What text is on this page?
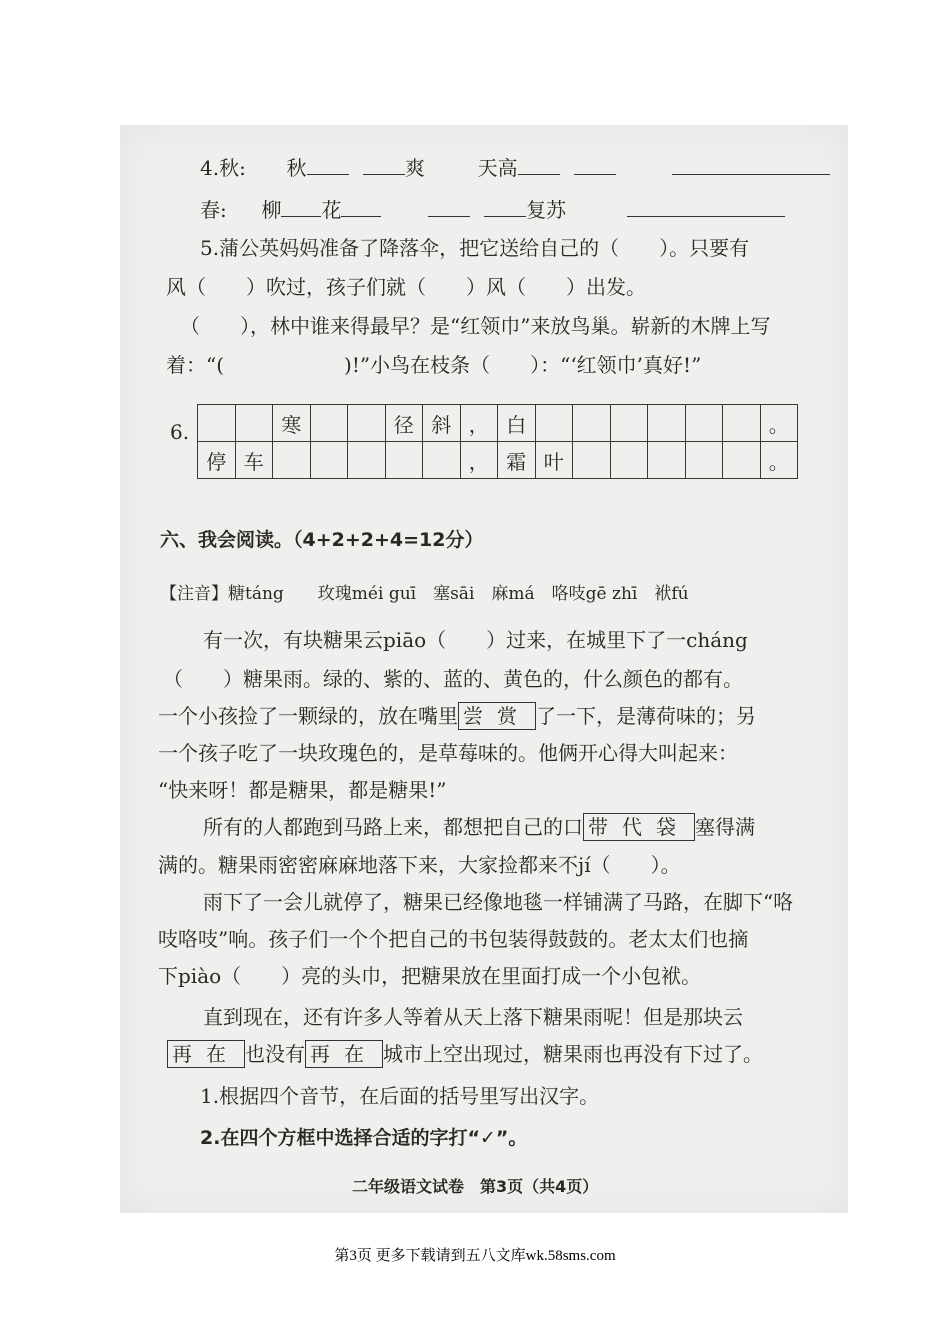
4.秋: 秋	爽	天高
春: 柳 花	复苏
5.蒲公英妈妈准备了降落伞，把它送给自己的（　　）。只要有
风（　　）吹过，孩子们就（　　）风（　　）出发。
（　　），林中谁来得最早？是“红领巾”来放鸟巢。崭新的木牌上写
着：“(　　　　　　)!”小鸟在枝条（　　）：“‘红领巾’真好!”
6.
			寒			径	斜	，	白							。
停	车						，	霜	叶						。
六、我会阅读。（4+2+2+4=12分）
【注音】糖táng　　玫瑰méi guī　塞sāi　麻má　咯吱gē zhī　袱fú
有一次，有块糖果云piāo（　　）过来，在城里下了一cháng
（　　）糖果雨。绿的、紫的、蓝的、黄色的，什么颜色的都有。
一个小孩捡了一颗绿的，放在嘴里 尝赏 了一下，是薄荷味的；另
一个孩子吃了一块玫瑰色的，是草莓味的。他俩开心得大叫起来：
“快来呀！都是糖果，都是糖果!”
所有的人都跑到马路上来，都想把自己的口 带代袋 塞得满
满的。糖果雨密密麻麻地落下来，大家捡都来不jí（　　）。
雨下了一会儿就停了，糖果已经像地毯一样铺满了马路，在脚下“咯
吱咯吱”响。孩子们一个个把自己的书包装得鼓鼓的。老太太们也摘
下piào（　　）亮的头巾，把糖果放在里面打成一个小包袱。
直到现在，还有许多人等着从天上落下糖果雨呢！但是那块云
再在 也没有 再在 城市上空出现过，糖果雨也再没有下过了。
1.根据四个音节，在后面的括号里写出汉字。
2.在四个方框中选择合适的字打“✓”。
二年级语文试卷　第3页（共4页）
第3页 更多下载请到五八文库wk.58sms.com
